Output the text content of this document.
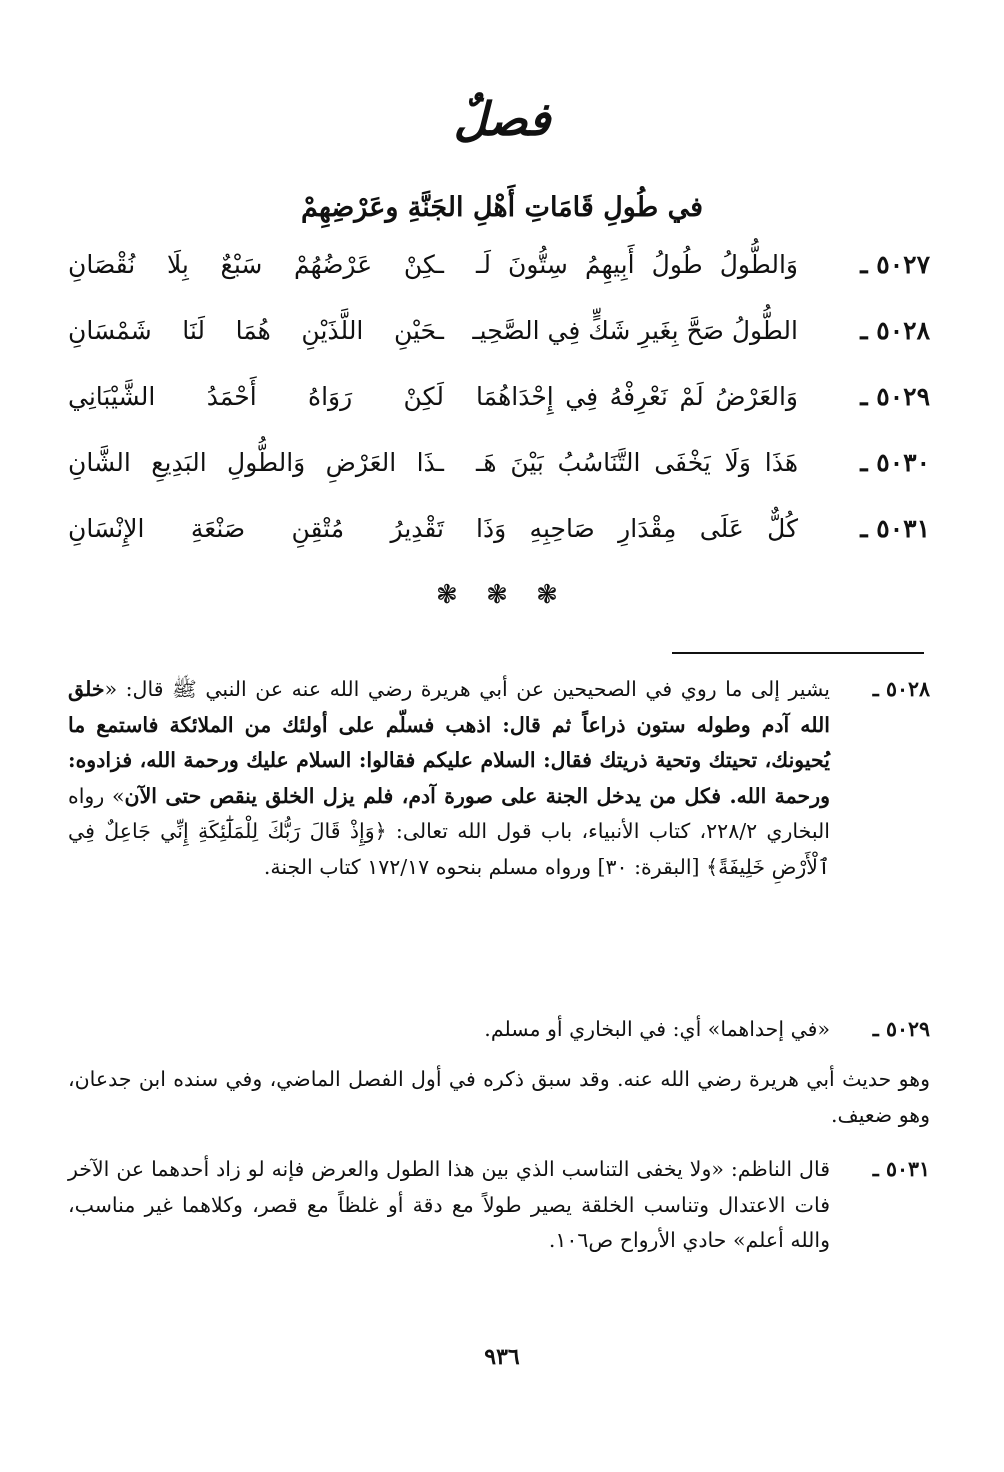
فصلٌ
في طُولِ قَامَاتِ أَهْلِ الجَنَّةِ وعَرْضِهِمْ
٥٠٢٧ ـ
وَالطُّولُ طُولُ أَبِيهِمُ سِتُّونَ لَـ
ـكِنْ عَرْضُهُمْ سَبْعٌ بِلَا نُقْصَانِ
٥٠٢٨ ـ
الطُّولُ صَحَّ بِغَيرِ شَكٍّ فِي الصَّحِيـ
ـحَيْنِ اللَّذَيْنِ هُمَا لَنَا شَمْسَانِ
٥٠٢٩ ـ
وَالعَرْضُ لَمْ نَعْرِفْهُ فِي إِحْدَاهُمَا
لَكِنْ رَوَاهُ أَحْمَدُ الشَّيْبَانِي
٥٠٣٠ ـ
هَذَا وَلَا يَخْفَى التَّنَاسُبُ بَيْنَ هَـ
ـذَا العَرْضِ وَالطُّولِ البَدِيعِ الشَّانِ
٥٠٣١ ـ
كُلٌّ عَلَى مِقْدَارِ صَاحِبِهِ وَذَا
تَقْدِيرُ مُتْقِنِ صَنْعَةِ الإِنْسَانِ
❃ ❃ ❃
٥٠٢٨ ـ
يشير إلى ما روي في الصحيحين عن أبي هريرة رضي الله عنه عن النبي ﷺ قال: «خلق الله آدم وطوله ستون ذراعاً ثم قال: اذهب فسلّم على أولئك من الملائكة فاستمع ما يُحيونك، تحيتك وتحية ذريتك فقال: السلام عليكم فقالوا: السلام عليك ورحمة الله، فزادوه: ورحمة الله. فكل من يدخل الجنة على صورة آدم، فلم يزل الخلق ينقص حتى الآن» رواه البخاري ٢٢٨/٢، كتاب الأنبياء، باب قول الله تعالى: ﴿وَإِذْ قَالَ رَبُّكَ لِلْمَلَٰٓئِكَةِ إِنِّي جَاعِلٌ فِي ٱلْأَرْضِ خَلِيفَةً﴾ [البقرة: ٣٠] ورواه مسلم بنحوه ١٧٢/١٧ كتاب الجنة.
٥٠٢٩ ـ
«في إحداهما» أي: في البخاري أو مسلم.
وهو حديث أبي هريرة رضي الله عنه. وقد سبق ذكره في أول الفصل الماضي، وفي سنده ابن جدعان، وهو ضعيف.
٥٠٣١ ـ
قال الناظم: «ولا يخفى التناسب الذي بين هذا الطول والعرض فإنه لو زاد أحدهما عن الآخر فات الاعتدال وتناسب الخلقة يصير طولاً مع دقة أو غلظاً مع قصر، وكلاهما غير مناسب، والله أعلم» حادي الأرواح ص١٠٦.
٩٣٦
